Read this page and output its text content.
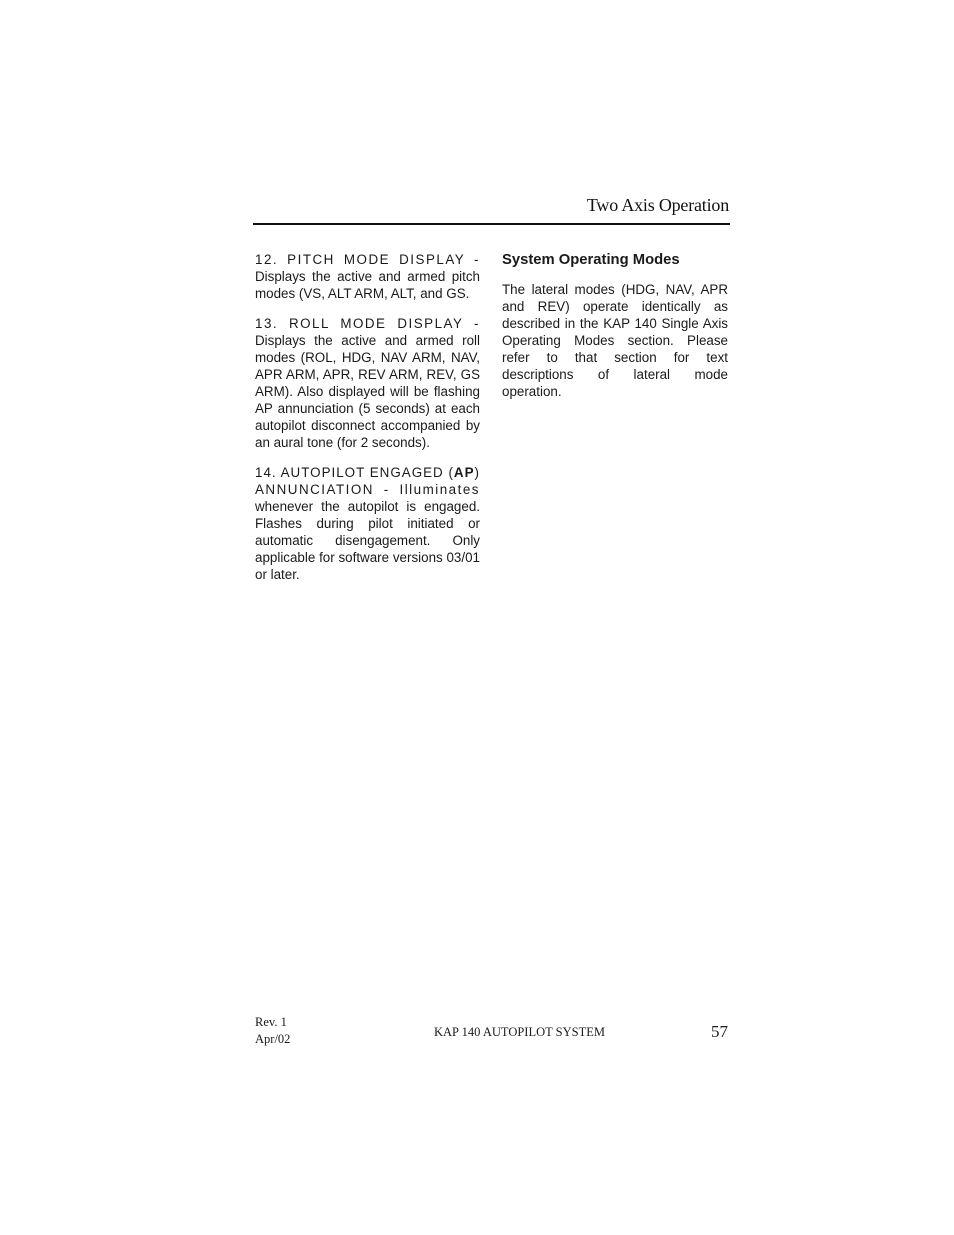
Two Axis Operation
12. PITCH MODE DISPLAY - Displays the active and armed pitch modes (VS, ALT ARM, ALT, and GS.
13. ROLL MODE DISPLAY - Displays the active and armed roll modes (ROL, HDG, NAV ARM, NAV, APR ARM, APR, REV ARM, REV, GS ARM). Also displayed will be flashing AP annunciation (5 seconds) at each autopilot disconnect accompanied by an aural tone (for 2 seconds).
14. AUTOPILOT ENGAGED (AP) ANNUNCIATION - Illuminates whenever the autopilot is engaged. Flashes during pilot initiated or automatic disengagement. Only applicable for software versions 03/01 or later.
System Operating Modes
The lateral modes (HDG, NAV, APR and REV) operate identically as described in the KAP 140 Single Axis Operating Modes section. Please refer to that section for text descriptions of lateral mode operation.
Rev. 1
Apr/02	KAP 140 AUTOPILOT SYSTEM	57
